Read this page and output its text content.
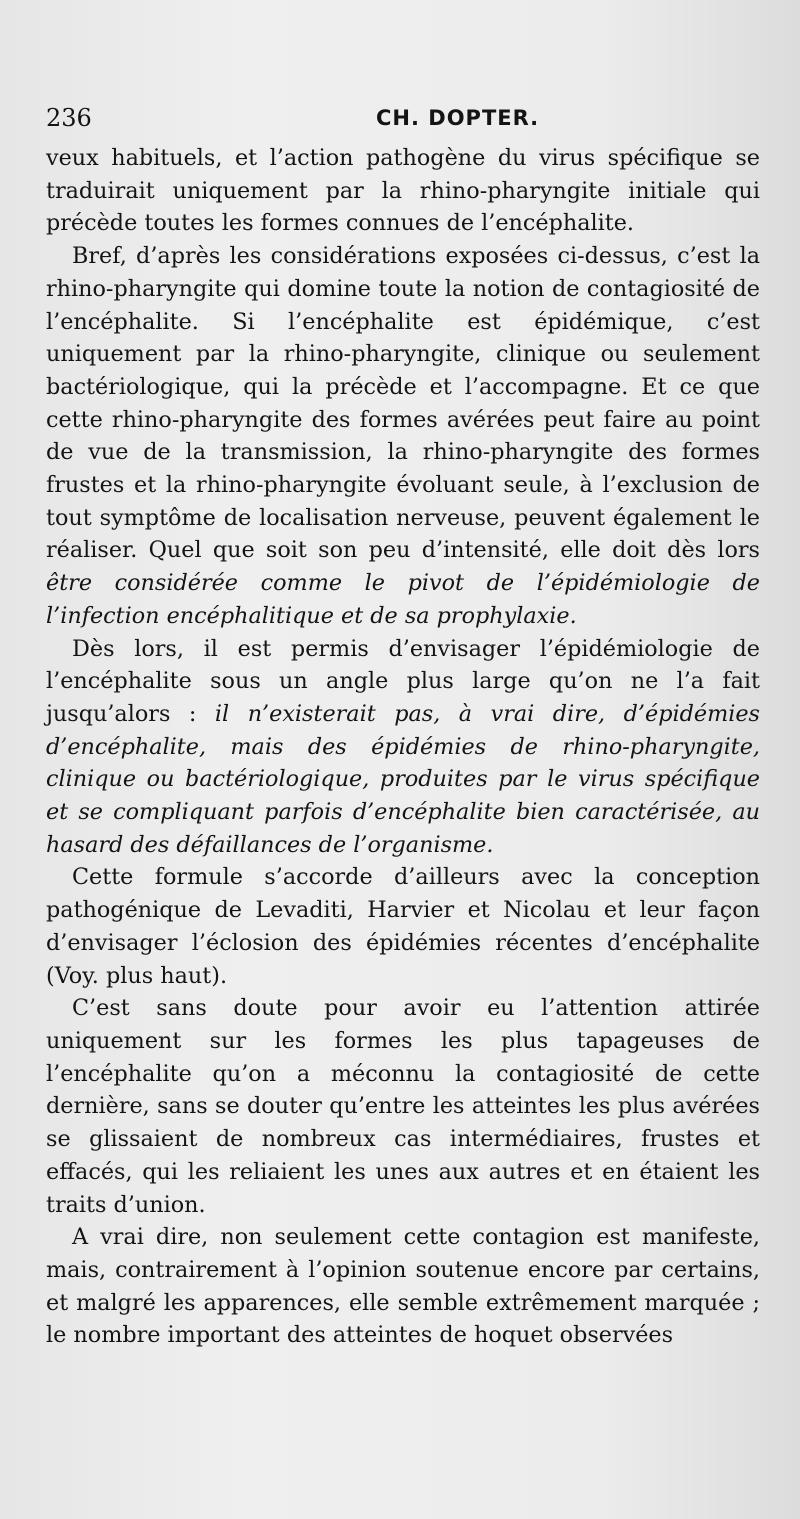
236	CH. DOPTER.

veux habituels, et l’action pathogène du virus spécifique se traduirait uniquement par la rhino-pharyngite initiale qui précède toutes les formes connues de l’encéphalite.

Bref, d’après les considérations exposées ci-dessus, c’est la rhino-pharyngite qui domine toute la notion de contagiosité de l’encéphalite. Si l’encéphalite est épidémique, c’est uniquement par la rhino-pharyngite, clinique ou seulement bactériologique, qui la précède et l’accompagne. Et ce que cette rhino-pharyngite des formes avérées peut faire au point de vue de la transmission, la rhino-pharyngite des formes frustes et la rhino-pharyngite évoluant seule, à l’exclusion de tout symptôme de localisation nerveuse, peuvent également le réaliser. Quel que soit son peu d’intensité, elle doit dès lors être considérée comme le pivot de l’épidémiologie de l’infection encéphalitique et de sa prophylaxie.

Dès lors, il est permis d’envisager l’épidémiologie de l’encéphalite sous un angle plus large qu’on ne l’a fait jusqu’alors : il n’existerait pas, à vrai dire, d’épidémies d’encéphalite, mais des épidémies de rhino-pharyngite, clinique ou bactériologique, produites par le virus spécifique et se compliquant parfois d’encéphalite bien caractérisée, au hasard des défaillances de l’organisme.

Cette formule s’accorde d’ailleurs avec la conception pathogénique de Levaditi, Harvier et Nicolau et leur façon d’envisager l’éclosion des épidémies récentes d’encéphalite (Voy. plus haut).

C’est sans doute pour avoir eu l’attention attirée uniquement sur les formes les plus tapageuses de l’encéphalite qu’on a méconnu la contagiosité de cette dernière, sans se douter qu’entre les atteintes les plus avérées se glissaient de nombreux cas intermédiaires, frustes et effacés, qui les reliaient les unes aux autres et en étaient les traits d’union.

A vrai dire, non seulement cette contagion est manifeste, mais, contrairement à l’opinion soutenue encore par certains, et malgré les apparences, elle semble extrêmement marquée ; le nombre important des atteintes de hoquet observées
